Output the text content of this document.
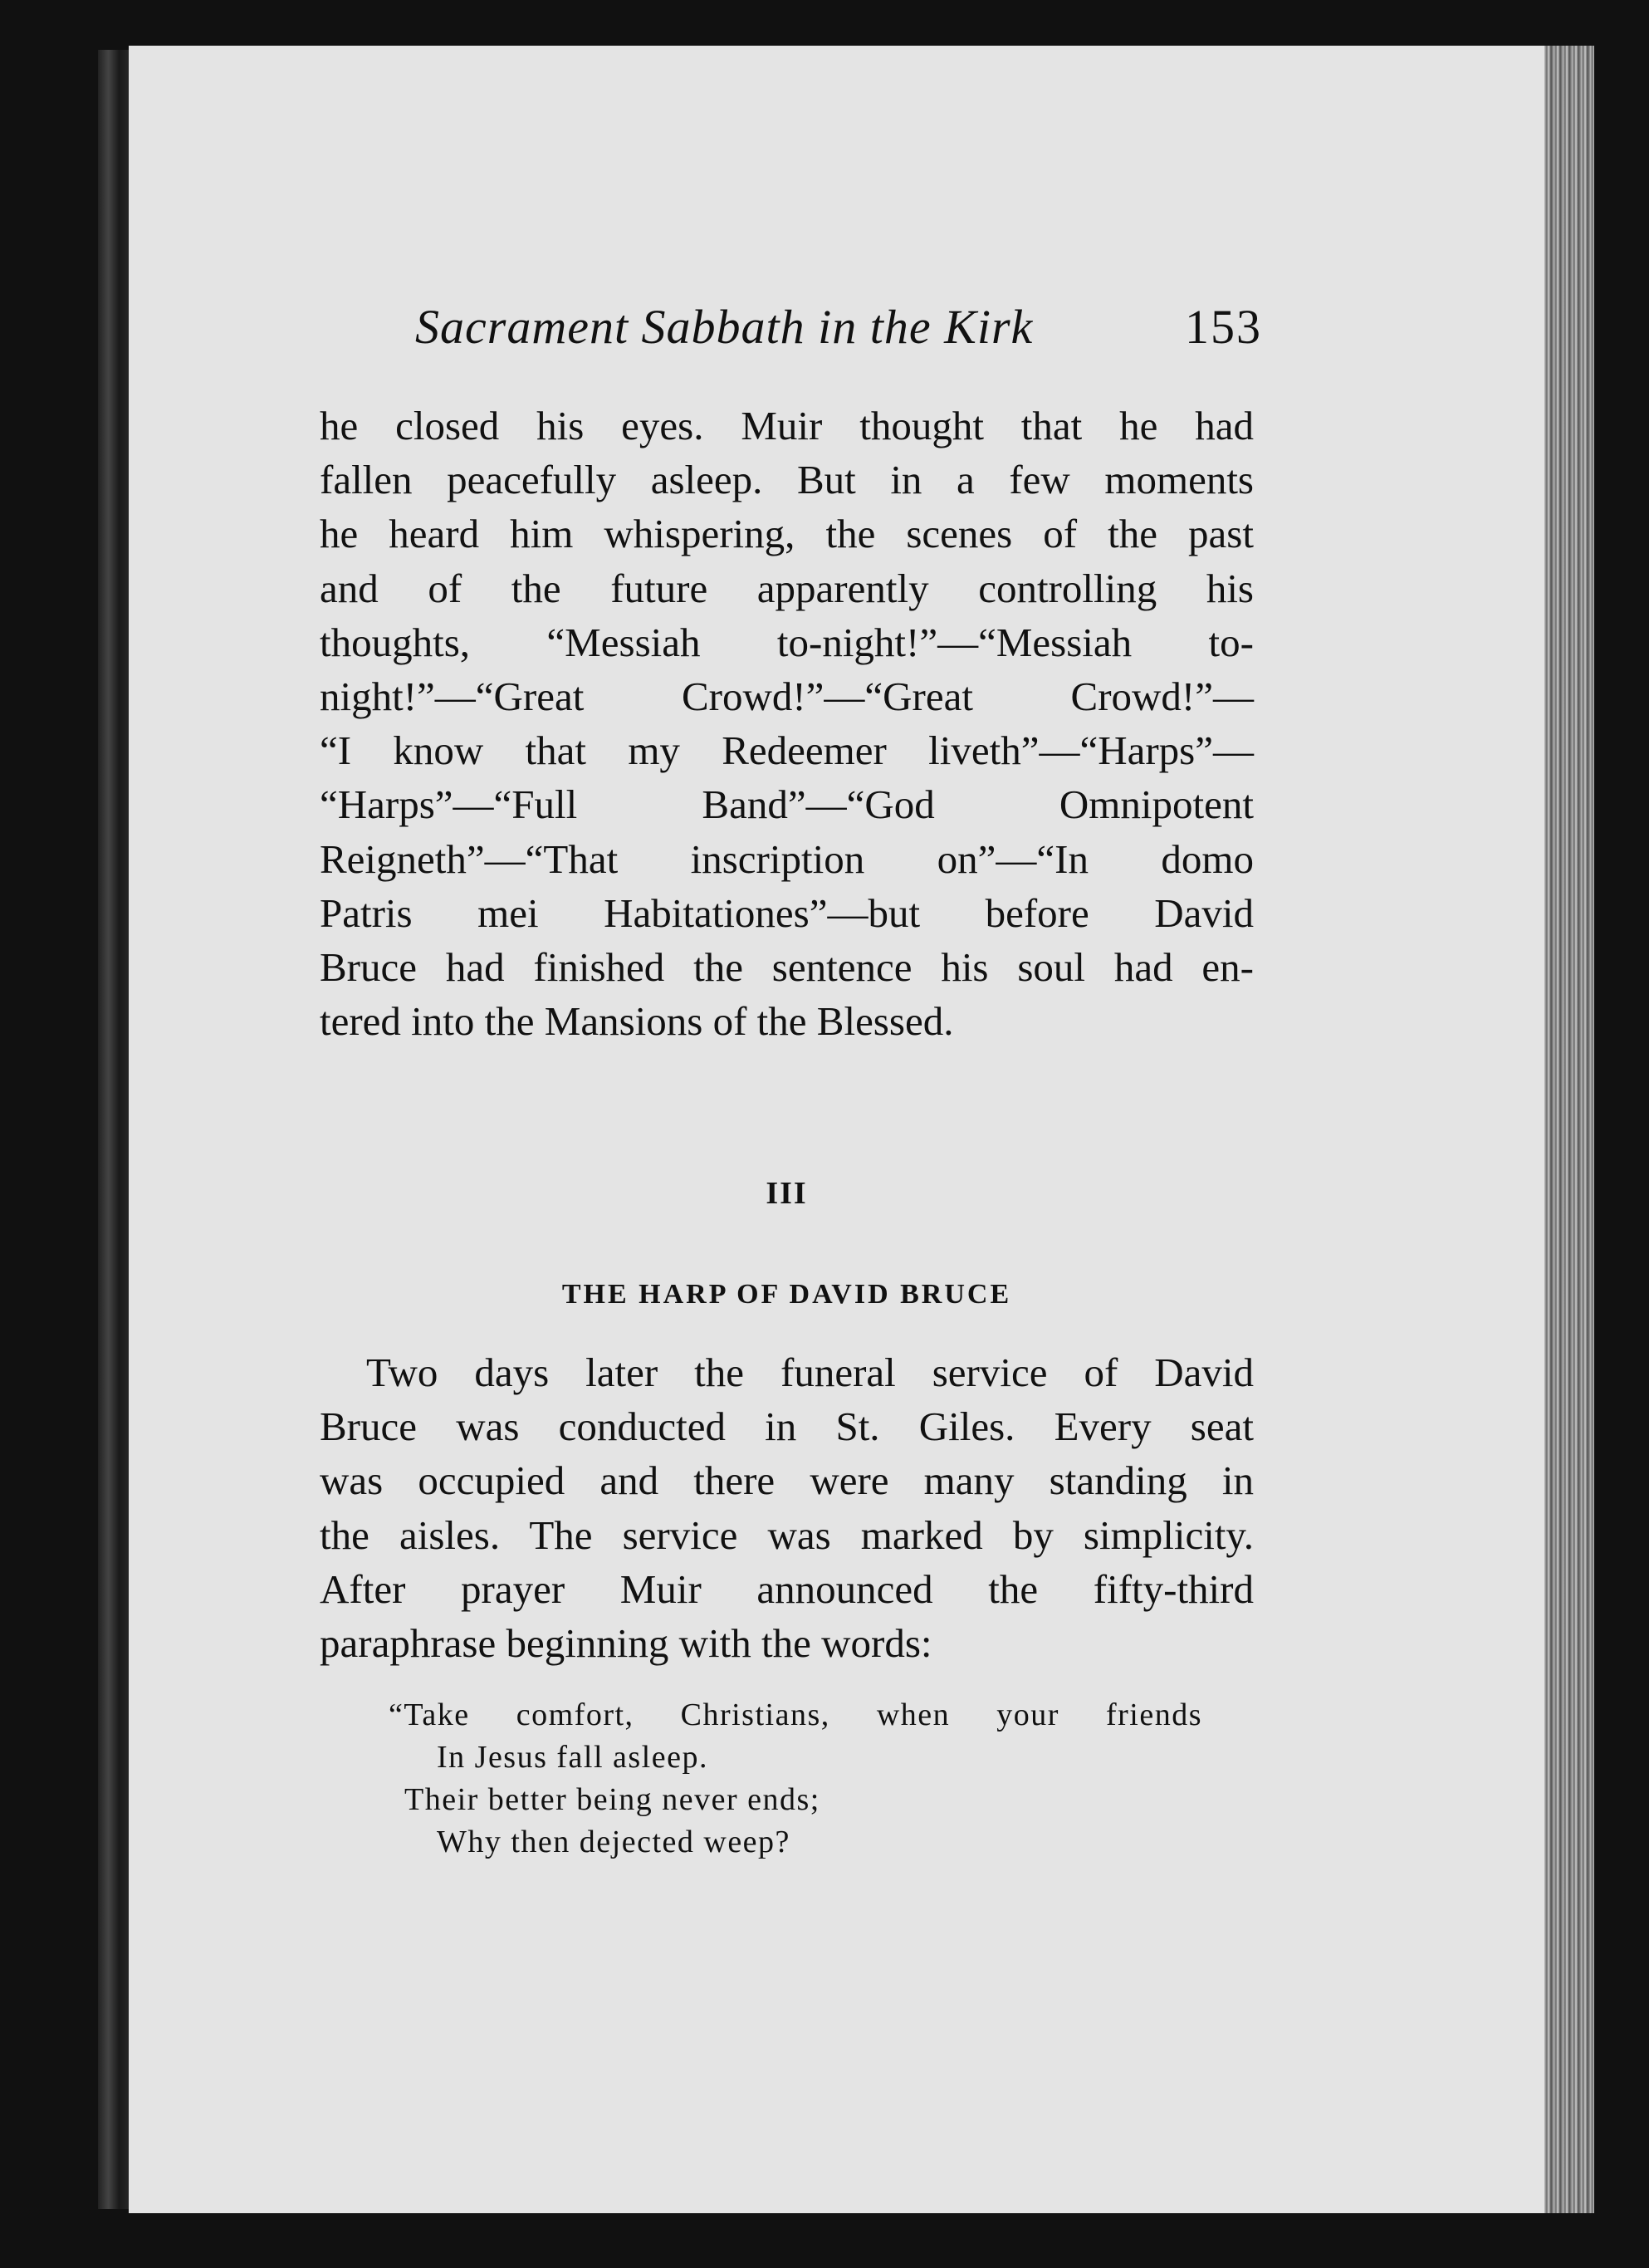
Sacrament Sabbath in the Kirk	153
he closed his eyes. Muir thought that he had
fallen peacefully asleep. But in a few moments
he heard him whispering, the scenes of the past
and of the future apparently controlling his
thoughts, “Messiah to-night!”—“Messiah to-
night!”—“Great Crowd!”—“Great Crowd!”—
“I know that my Redeemer liveth”—“Harps”—
“Harps”—“Full Band”—“God Omnipotent
Reigneth”—“That inscription on”—“In domo
Patris mei Habitationes”—but before David
Bruce had finished the sentence his soul had en-
tered into the Mansions of the Blessed.
III
THE HARP OF DAVID BRUCE
Two days later the funeral service of David
Bruce was conducted in St. Giles. Every seat
was occupied and there were many standing in
the aisles. The service was marked by simplicity.
After prayer Muir announced the fifty-third
paraphrase beginning with the words:
“Take comfort, Christians, when your friends
In Jesus fall asleep.
Their better being never ends;
Why then dejected weep?
